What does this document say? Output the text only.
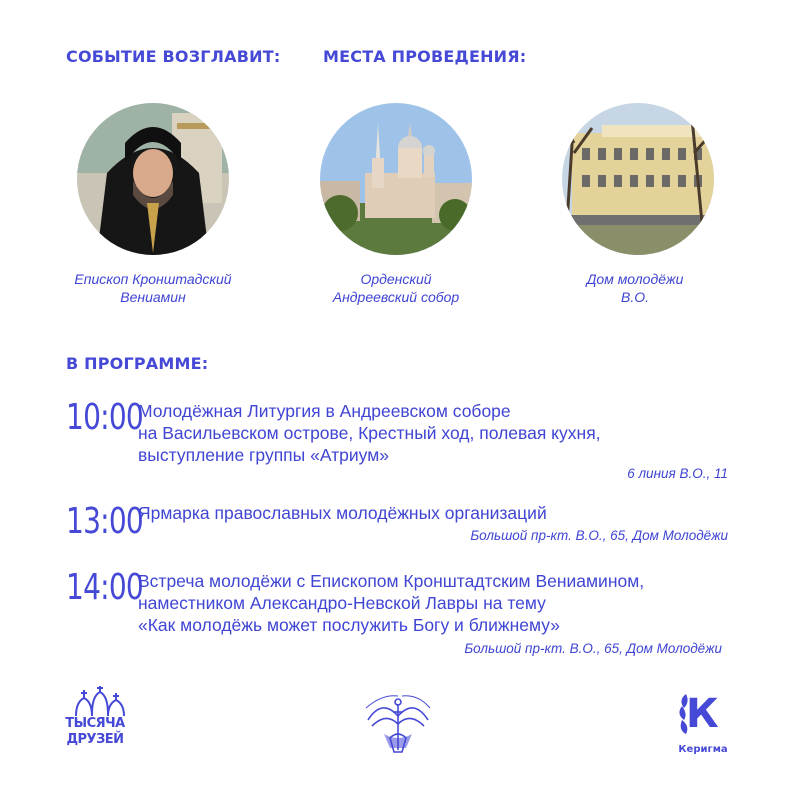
СОБЫТИЕ ВОЗГЛАВИТ:	МЕСТА ПРОВЕДЕНИЯ:
Епископ Кронштадский
Вениамин
Орденский
Андреевский собор
Дом молодёжи
В.О.
В ПРОГРАММЕ:
10:00
Молодёжная Литургия в Андреевском соборе
на Васильевском острове, Крестный ход, полевая кухня,
выступление группы «Атриум»
6 линия В.О., 11
13:00
Ярмарка православных молодёжных организаций
Большой пр-кт. В.О., 65, Дом Молодёжи
14:00
Встреча молодёжи с Епископом Кронштадтским Вениамином,
наместником Александро-Невской Лавры на тему
«Как молодёжь может послужить Богу и ближнему»
Большой пр-кт. В.О., 65, Дом Молодёжи
ТЫСЯЧА
ДРУЗЕЙ
К
Керигма
